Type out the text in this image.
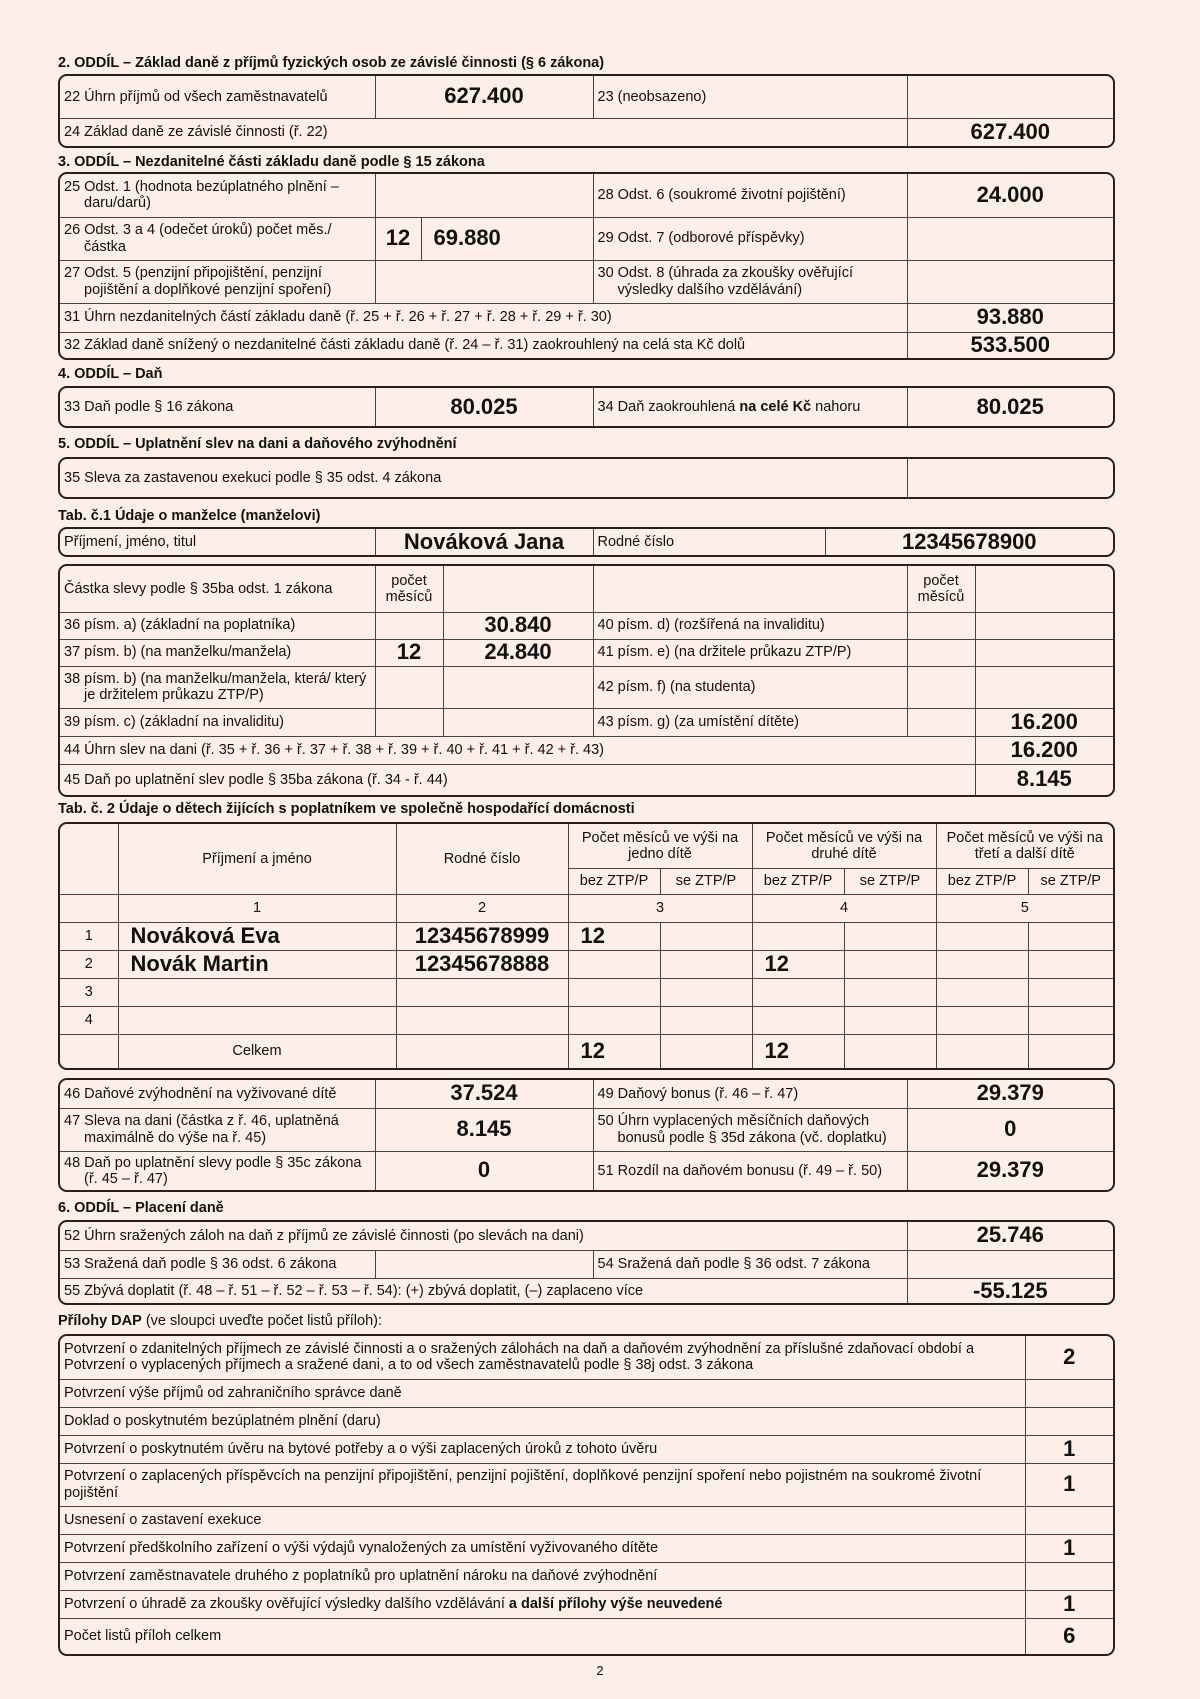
2. ODDÍL – Základ daně z příjmů fyzických osob ze závislé činnosti (§ 6 zákona)
22 Úhrn příjmů od všech zaměstnavatelů	627.400	23 (neobsazeno)	
24 Základ daně ze závislé činnosti (ř. 22)			627.400
3. ODDÍL – Nezdanitelné části základu daně podle § 15 zákona
25 Odst. 1 (hodnota bezúplatného plnění – daru/darů)			28 Odst. 6 (soukromé životní pojištění)	24.000
26 Odst. 3 a 4 (odečet úroků) počet měs./ částka	12	69.880	29 Odst. 7 (odborové příspěvky)	
27 Odst. 5 (penzijní připojištění, penzijní pojištění a doplňkové penzijní spoření)			30 Odst. 8 (úhrada za zkoušky ověřující výsledky dalšího vzdělávání)	
31 Úhrn nezdanitelných částí základu daně (ř. 25 + ř. 26 + ř. 27 + ř. 28 + ř. 29 + ř. 30)				93.880
32 Základ daně snížený o nezdanitelné části základu daně (ř. 24 – ř. 31) zaokrouhlený na celá sta Kč dolů				533.500
4. ODDÍL – Daň
33 Daň podle § 16 zákona	80.025	34 Daň zaokrouhlená na celé Kč nahoru	80.025
5. ODDÍL – Uplatnění slev na dani a daňového zvýhodnění
35 Sleva za zastavenou exekuci podle § 35 odst. 4 zákona	
Tab. č.1 Údaje o manželce (manželovi)
Příjmení, jméno, titul	Nováková Jana	Rodné číslo	12345678900
Částka slevy podle § 35ba odst. 1 zákona	počet měsíců			počet měsíců	
36 písm. a) (základní na poplatníka)		30.840	40 písm. d) (rozšířená na invaliditu)		
37 písm. b) (na manželku/manžela)	12	24.840	41 písm. e) (na držitele průkazu ZTP/P)		
38 písm. b) (na manželku/manžela, která/ který je držitelem průkazu ZTP/P)			42 písm. f) (na studenta)		
39 písm. c) (základní na invaliditu)			43 písm. g) (za umístění dítěte)		16.200
44 Úhrn slev na dani (ř. 35 + ř. 36 + ř. 37 + ř. 38 + ř. 39 + ř. 40 + ř. 41 + ř. 42 + ř. 43)					16.200
45 Daň po uplatnění slev podle § 35ba zákona (ř. 34 - ř. 44)					8.145
Tab. č. 2 Údaje o dětech žijících s poplatníkem ve společně hospodařící domácnosti
	Příjmení a jméno	Rodné číslo	Počet měsíců ve výši na jedno dítě		Počet měsíců ve výši na druhé dítě		Počet měsíců ve výši na třetí a další dítě	
			bez ZTP/P	se ZTP/P	bez ZTP/P	se ZTP/P	bez ZTP/P	se ZTP/P
	1	2	3		4		5	
1	Nováková Eva	12345678999	12					
2	Novák Martin	12345678888			12			
3								
4								
	Celkem		12		12			
46 Daňové zvýhodnění na vyživované dítě	37.524	49 Daňový bonus (ř. 46 – ř. 47)	29.379
47 Sleva na dani (částka z ř. 46, uplatněná maximálně do výše na ř. 45)	8.145	50 Úhrn vyplacených měsíčních daňových bonusů podle § 35d zákona (vč. doplatku)	0
48 Daň po uplatnění slevy podle § 35c zákona (ř. 45 – ř. 47)	0	51 Rozdíl na daňovém bonusu (ř. 49 – ř. 50)	29.379
6. ODDÍL – Placení daně
52 Úhrn sražených záloh na daň z příjmů ze závislé činnosti (po slevách na dani)			25.746
53 Sražená daň podle § 36 odst. 6 zákona		54 Sražená daň podle § 36 odst. 7 zákona	
55 Zbývá doplatit (ř. 48 – ř. 51 – ř. 52 – ř. 53 – ř. 54): (+) zbývá doplatit, (–) zaplaceno více			-55.125
Přílohy DAP (ve sloupci uveďte počet listů příloh):
Potvrzení o zdanitelných příjmech ze závislé činnosti a o sražených zálohách na daň a daňovém zvýhodnění za příslušné zdaňovací období a Potvrzení o vyplacených příjmech a sražené dani, a to od všech zaměstnavatelů podle § 38j odst. 3 zákona	2
Potvrzení výše příjmů od zahraničního správce daně	
Doklad o poskytnutém bezúplatném plnění (daru)	
Potvrzení o poskytnutém úvěru na bytové potřeby a o výši zaplacených úroků z tohoto úvěru	1
Potvrzení o zaplacených příspěvcích na penzijní připojištění, penzijní pojištění, doplňkové penzijní spoření nebo pojistném na soukromé životní pojištění	1
Usnesení o zastavení exekuce	
Potvrzení předškolního zařízení o výši výdajů vynaložených za umístění vyživovaného dítěte	1
Potvrzení zaměstnavatele druhého z poplatníků pro uplatnění nároku na daňové zvýhodnění	
Potvrzení o úhradě za zkoušky ověřující výsledky dalšího vzdělávání a další přílohy výše neuvedené	1
Počet listů příloh celkem	6
2
